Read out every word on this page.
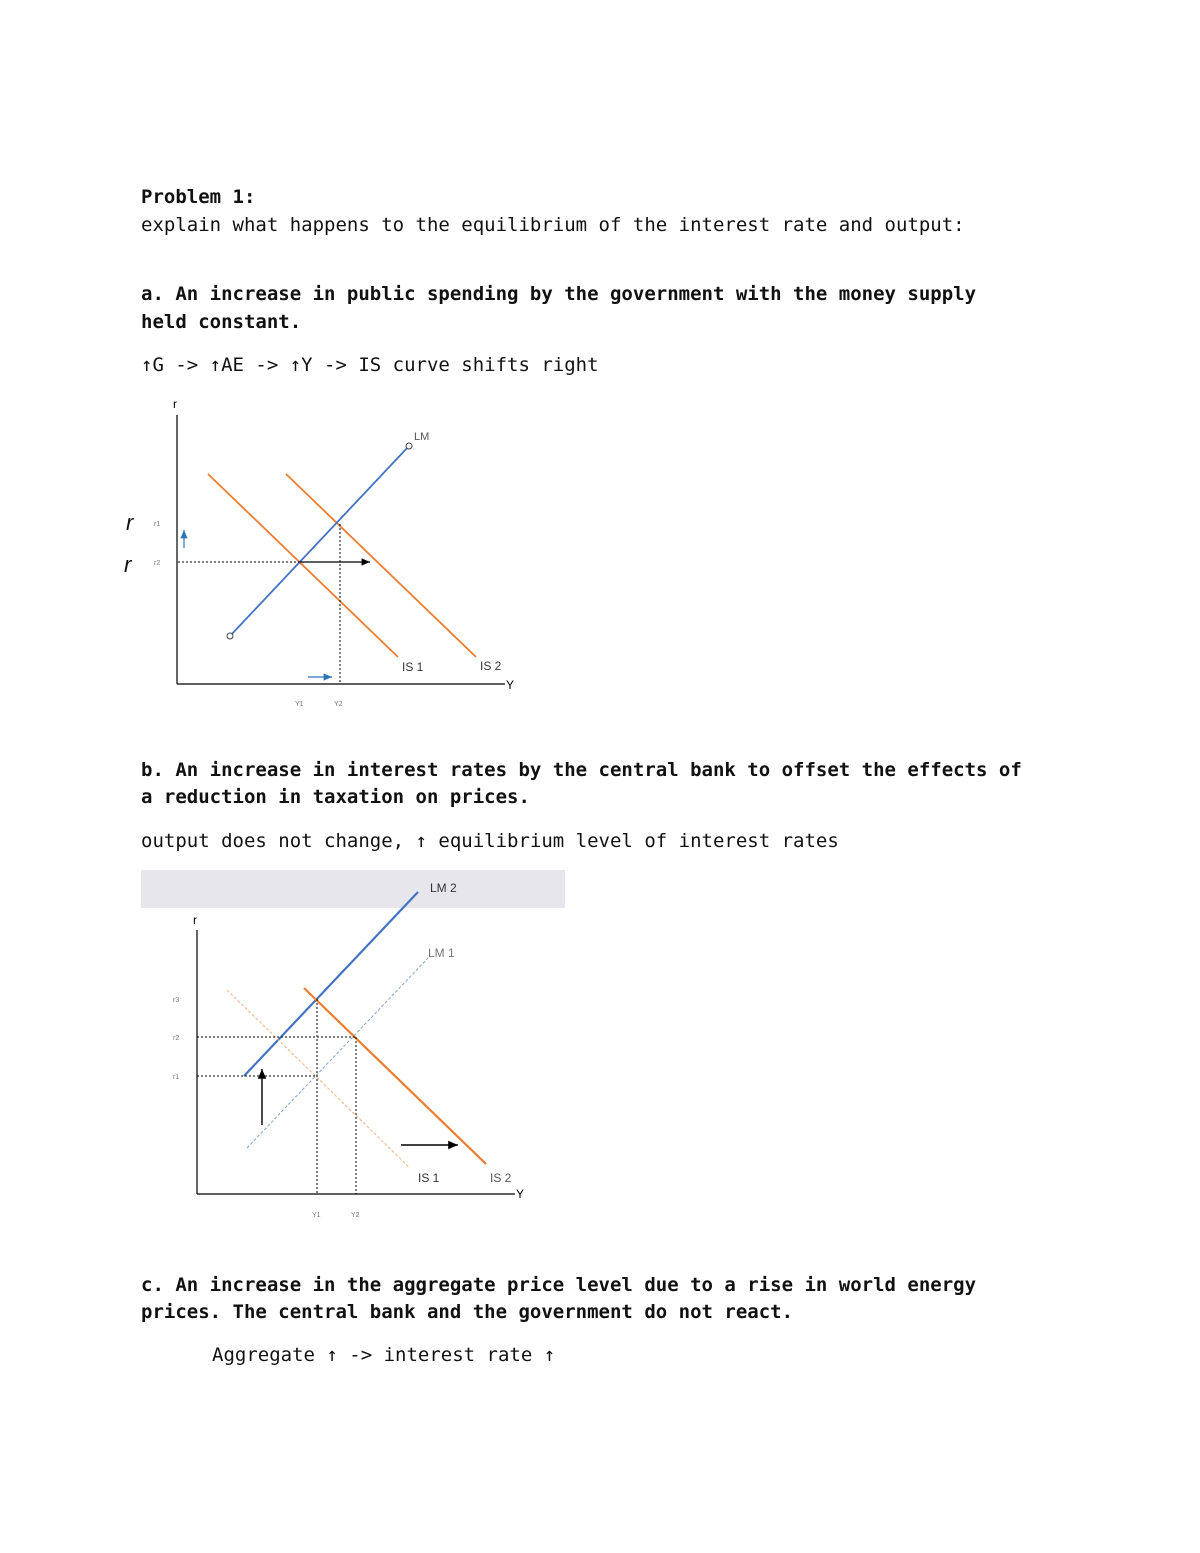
Problem 1:
explain what happens to the equilibrium of the interest rate and output:
a. An increase in public spending by the government with the money supply
held constant.
↑G -> ↑AE -> ↑Y -> IS curve shifts right
b. An increase in interest rates by the central bank to offset the effects of
a reduction in taxation on prices.
output does not change, ↑ equilibrium level of interest rates
c. An increase in the aggregate price level due to a rise in world energy
prices. The central bank and the government do not react.
Aggregate ↑ -> interest rate ↑
r
Y
IS 1	IS 2
LM
r1
r2
Y1	Y2
r
r
r
Y
LM 2
LM 1
IS 1	IS 2
r3
r2
r1
Y1	Y2
